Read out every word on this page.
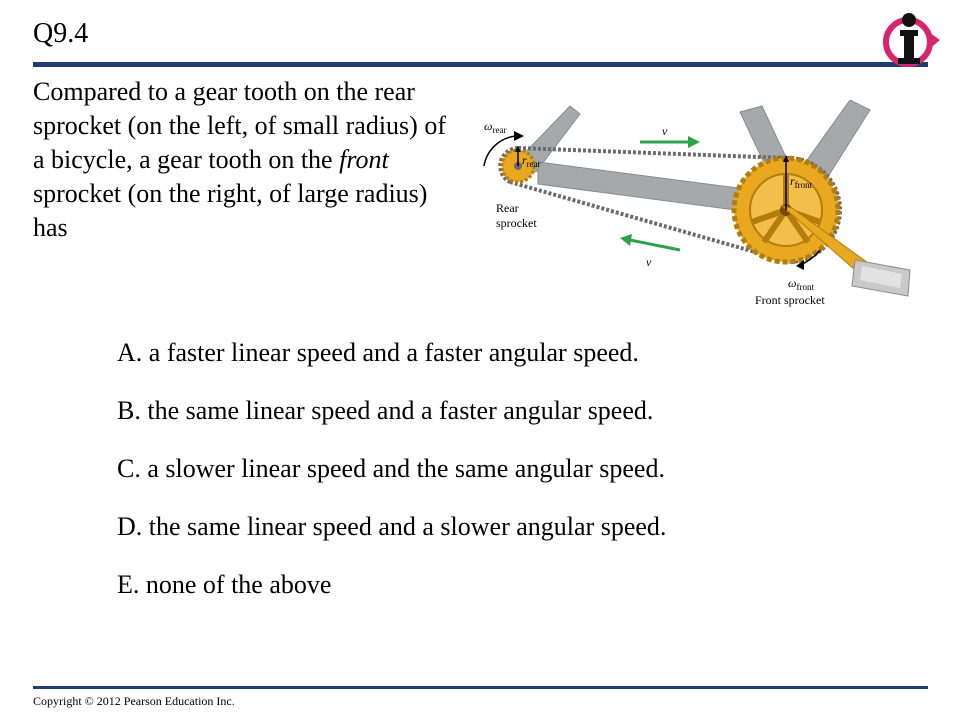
Q9.4
Compared to a gear tooth on the rear sprocket (on the left, of small radius) of a bicycle, a gear tooth on the front sprocket (on the right, of large radius) has
$\omega_{rear}$
$r_{rear}$
v
v
$r_{front}$
$\omega_{front}$
Rear
sprocket
Front sprocket
A. a faster linear speed and a faster angular speed.
B. the same linear speed and a faster angular speed.
C. a slower linear speed and the same angular speed.
D. the same linear speed and a slower angular speed.
E. none of the above
Copyright © 2012 Pearson Education Inc.
